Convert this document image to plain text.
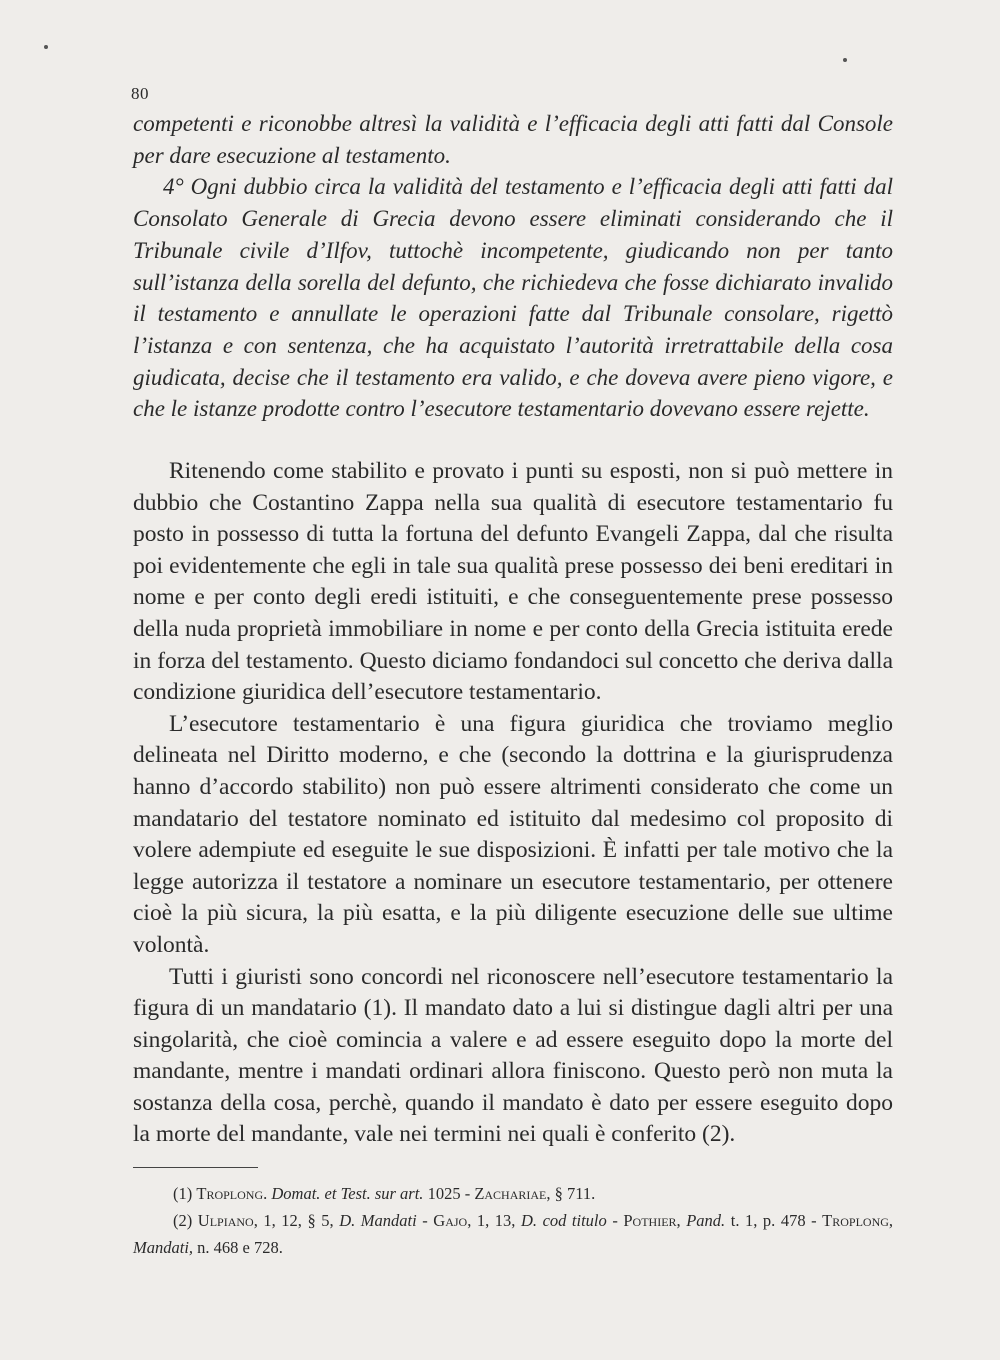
80

competenti e riconobbe altresì la validità e l’efficacia degli atti fatti dal Console per dare esecuzione al testamento.

4° Ogni dubbio circa la validità del testamento e l’efficacia degli atti fatti dal Consolato Generale di Grecia devono essere eliminati considerando che il Tribunale civile d’Ilfov, tuttochè incompetente, giudicando non per tanto sull’istanza della sorella del defunto, che richiedeva che fosse dichiarato invalido il testamento e annullate le operazioni fatte dal Tribunale consolare, rigettò l’istanza e con sentenza, che ha acquistato l’autorità irretrattabile della cosa giudicata, decise che il testamento era valido, e che doveva avere pieno vigore, e che le istanze prodotte contro l’esecutore testamentario dovevano essere rejette.

Ritenendo come stabilito e provato i punti su esposti, non si può mettere in dubbio che Costantino Zappa nella sua qualità di esecutore testamentario fu posto in possesso di tutta la fortuna del defunto Evangeli Zappa, dal che risulta poi evidentemente che egli in tale sua qualità prese possesso dei beni ereditari in nome e per conto degli eredi istituiti, e che conseguentemente prese possesso della nuda proprietà immobiliare in nome e per conto della Grecia istituita erede in forza del testamento. Questo diciamo fondandoci sul concetto che deriva dalla condizione giuridica dell’esecutore testamentario.

L’esecutore testamentario è una figura giuridica che troviamo meglio delineata nel Diritto moderno, e che (secondo la dottrina e la giurisprudenza hanno d’accordo stabilito) non può essere altrimenti considerato che come un mandatario del testatore nominato ed istituito dal medesimo col proposito di volere adempiute ed eseguite le sue disposizioni. È infatti per tale motivo che la legge autorizza il testatore a nominare un esecutore testamentario, per ottenere cioè la più sicura, la più esatta, e la più diligente esecuzione delle sue ultime volontà.

Tutti i giuristi sono concordi nel riconoscere nell’esecutore testamentario la figura di un mandatario (1). Il mandato dato a lui si distingue dagli altri per una singolarità, che cioè comincia a valere e ad essere eseguito dopo la morte del mandante, mentre i mandati ordinari allora finiscono. Questo però non muta la sostanza della cosa, perchè, quando il mandato è dato per essere eseguito dopo la morte del mandante, vale nei termini nei quali è conferito (2).

(1) Troplong. Domat. et Test. sur art. 1025 - Zachariae, § 711.

(2) Ulpiano, 1, 12, § 5, D. Mandati - Gajo, 1, 13, D. cod titulo - Pothier, Pand. t. 1, p. 478 - Troplong, Mandati, n. 468 e 728.
